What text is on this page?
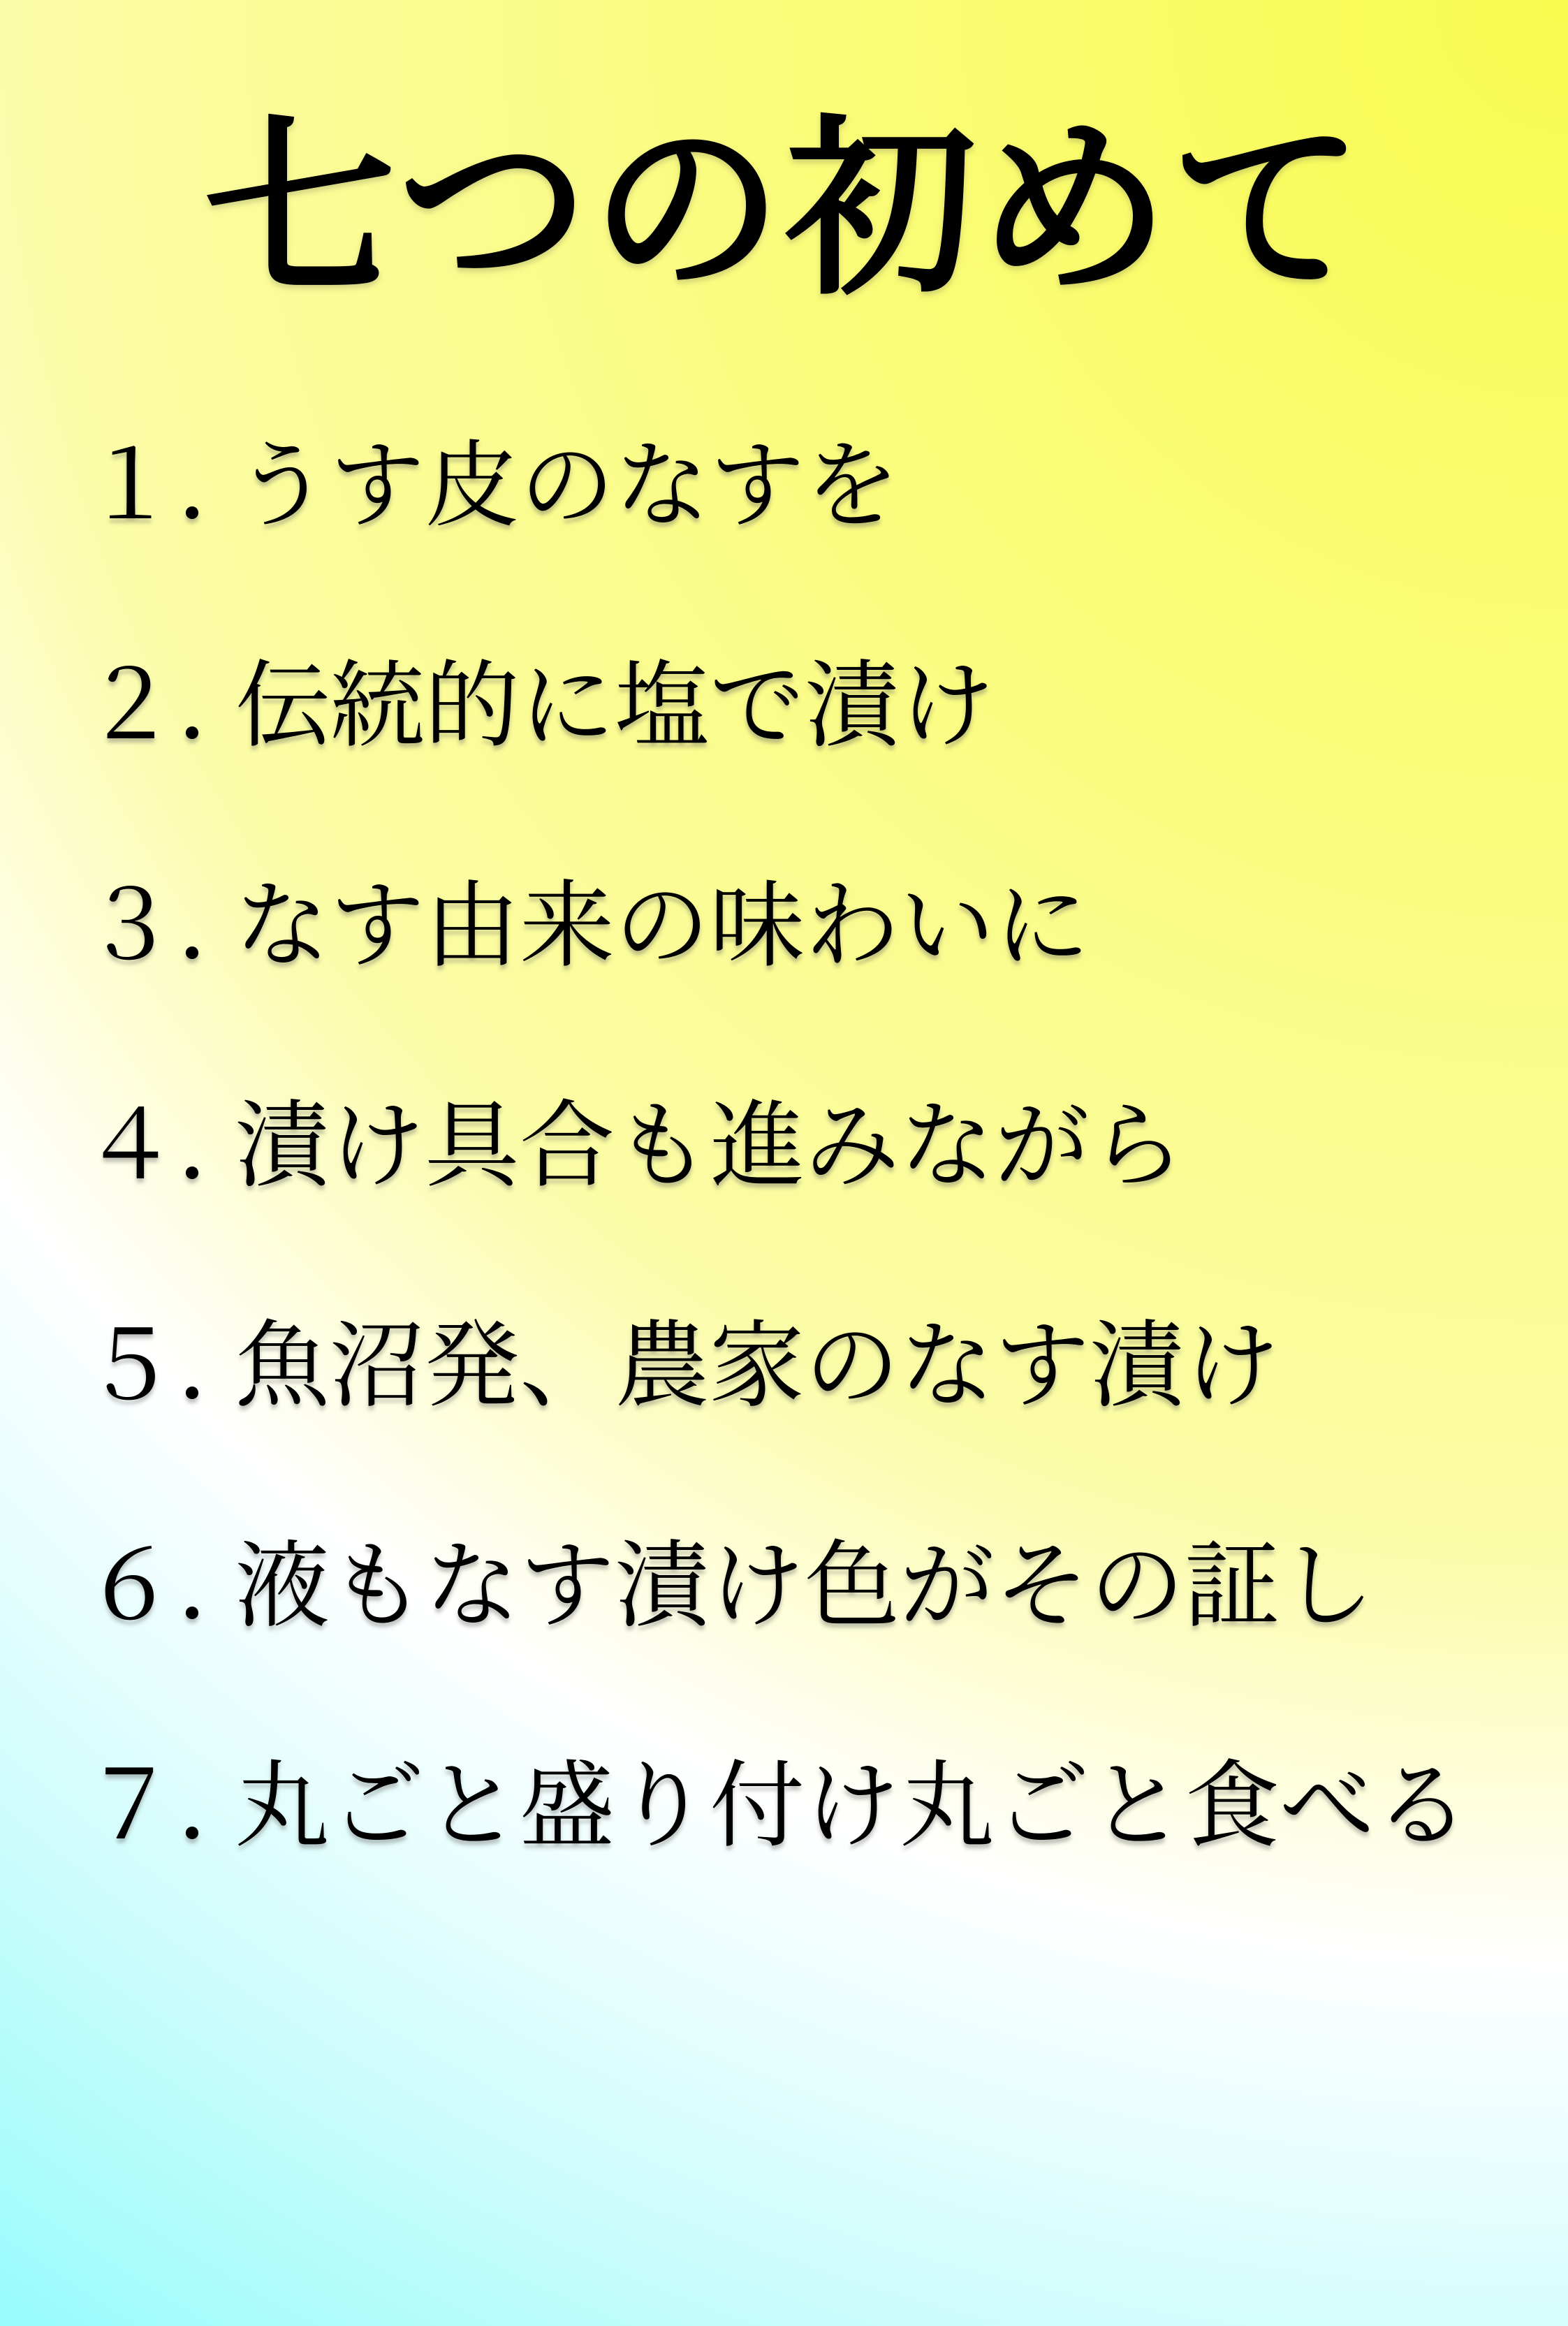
七つの初めて
１．
うす皮のなすを
２．
伝統的に塩で漬け
３．
なす由来の味わいに
４．
漬け具合も進みながら
５．
魚沼発、農家のなす漬け
６．
液もなす漬け色がその証し
７．
丸ごと盛り付け丸ごと食べる
